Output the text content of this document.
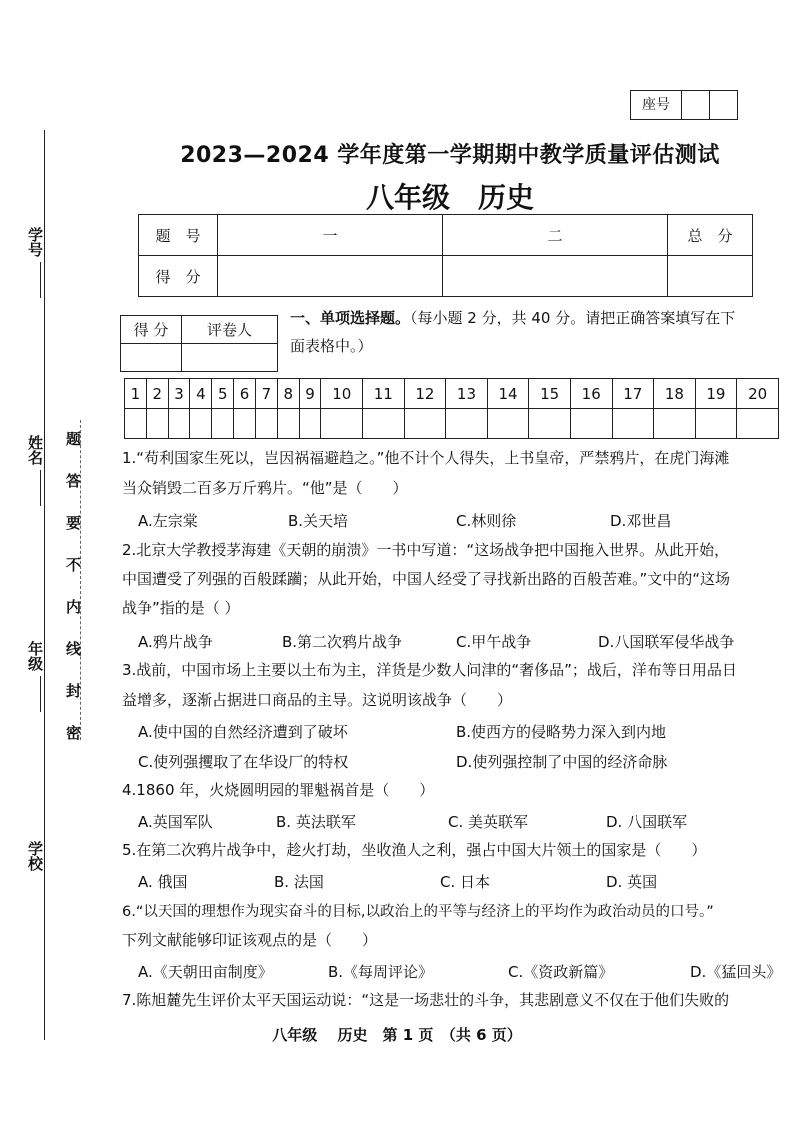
学号
姓名
年级
学校
题
答
要
不
内
线
封
密
座号
2023—2024 学年度第一学期期中教学质量评估测试
八年级　历史
题　号	一	二	总　分
得　分			
得 分	评卷人

一、单项选择题。（每小题 2 分，共 40 分。请把正确答案填写在下
面表格中。）
1	2	3	4	5	6	7	8	9	10	11	12	13	14	15	16	17	18	19	20

1.“苟利国家生死以，岂因祸福避趋之。”他不计个人得失，上书皇帝，严禁鸦片，在虎门海滩
当众销毁二百多万斤鸦片。“他”是（　　）
A.左宗棠	B.关天培	C.林则徐	D.邓世昌
2.北京大学教授茅海建《天朝的崩溃》一书中写道：“这场战争把中国拖入世界。从此开始，
中国遭受了列强的百般蹂躏；从此开始，中国人经受了寻找新出路的百般苦难。”文中的“这场
战争”指的是（ ）
A.鸦片战争	B.第二次鸦片战争	C.甲午战争	D.八国联军侵华战争
3.战前，中国市场上主要以土布为主，洋货是少数人问津的“奢侈品”；战后，洋布等日用品日
益增多，逐渐占据进口商品的主导。这说明该战争（　　）
A.使中国的自然经济遭到了破坏	B.使西方的侵略势力深入到内地
C.使列强攫取了在华设厂的特权	D.使列强控制了中国的经济命脉
4.1860 年，火烧圆明园的罪魁祸首是（　　）
A.英国军队	B. 英法联军	C. 美英联军	D. 八国联军
5.在第二次鸦片战争中，趁火打劫，坐收渔人之利，强占中国大片领土的国家是（　　）
A. 俄国	B. 法国	C. 日本	D. 英国
6.“以天国的理想作为现实奋斗的目标,以政治上的平等与经济上的平均作为政治动员的口号。”
下列文献能够印证该观点的是（　　）
A.《天朝田亩制度》	B.《每周评论》	C.《资政新篇》	D.《猛回头》
7.陈旭麓先生评价太平天国运动说：“这是一场悲壮的斗争，其悲剧意义不仅在于他们失败的
八年级　 历史　第 1 页　（共 6 页）
